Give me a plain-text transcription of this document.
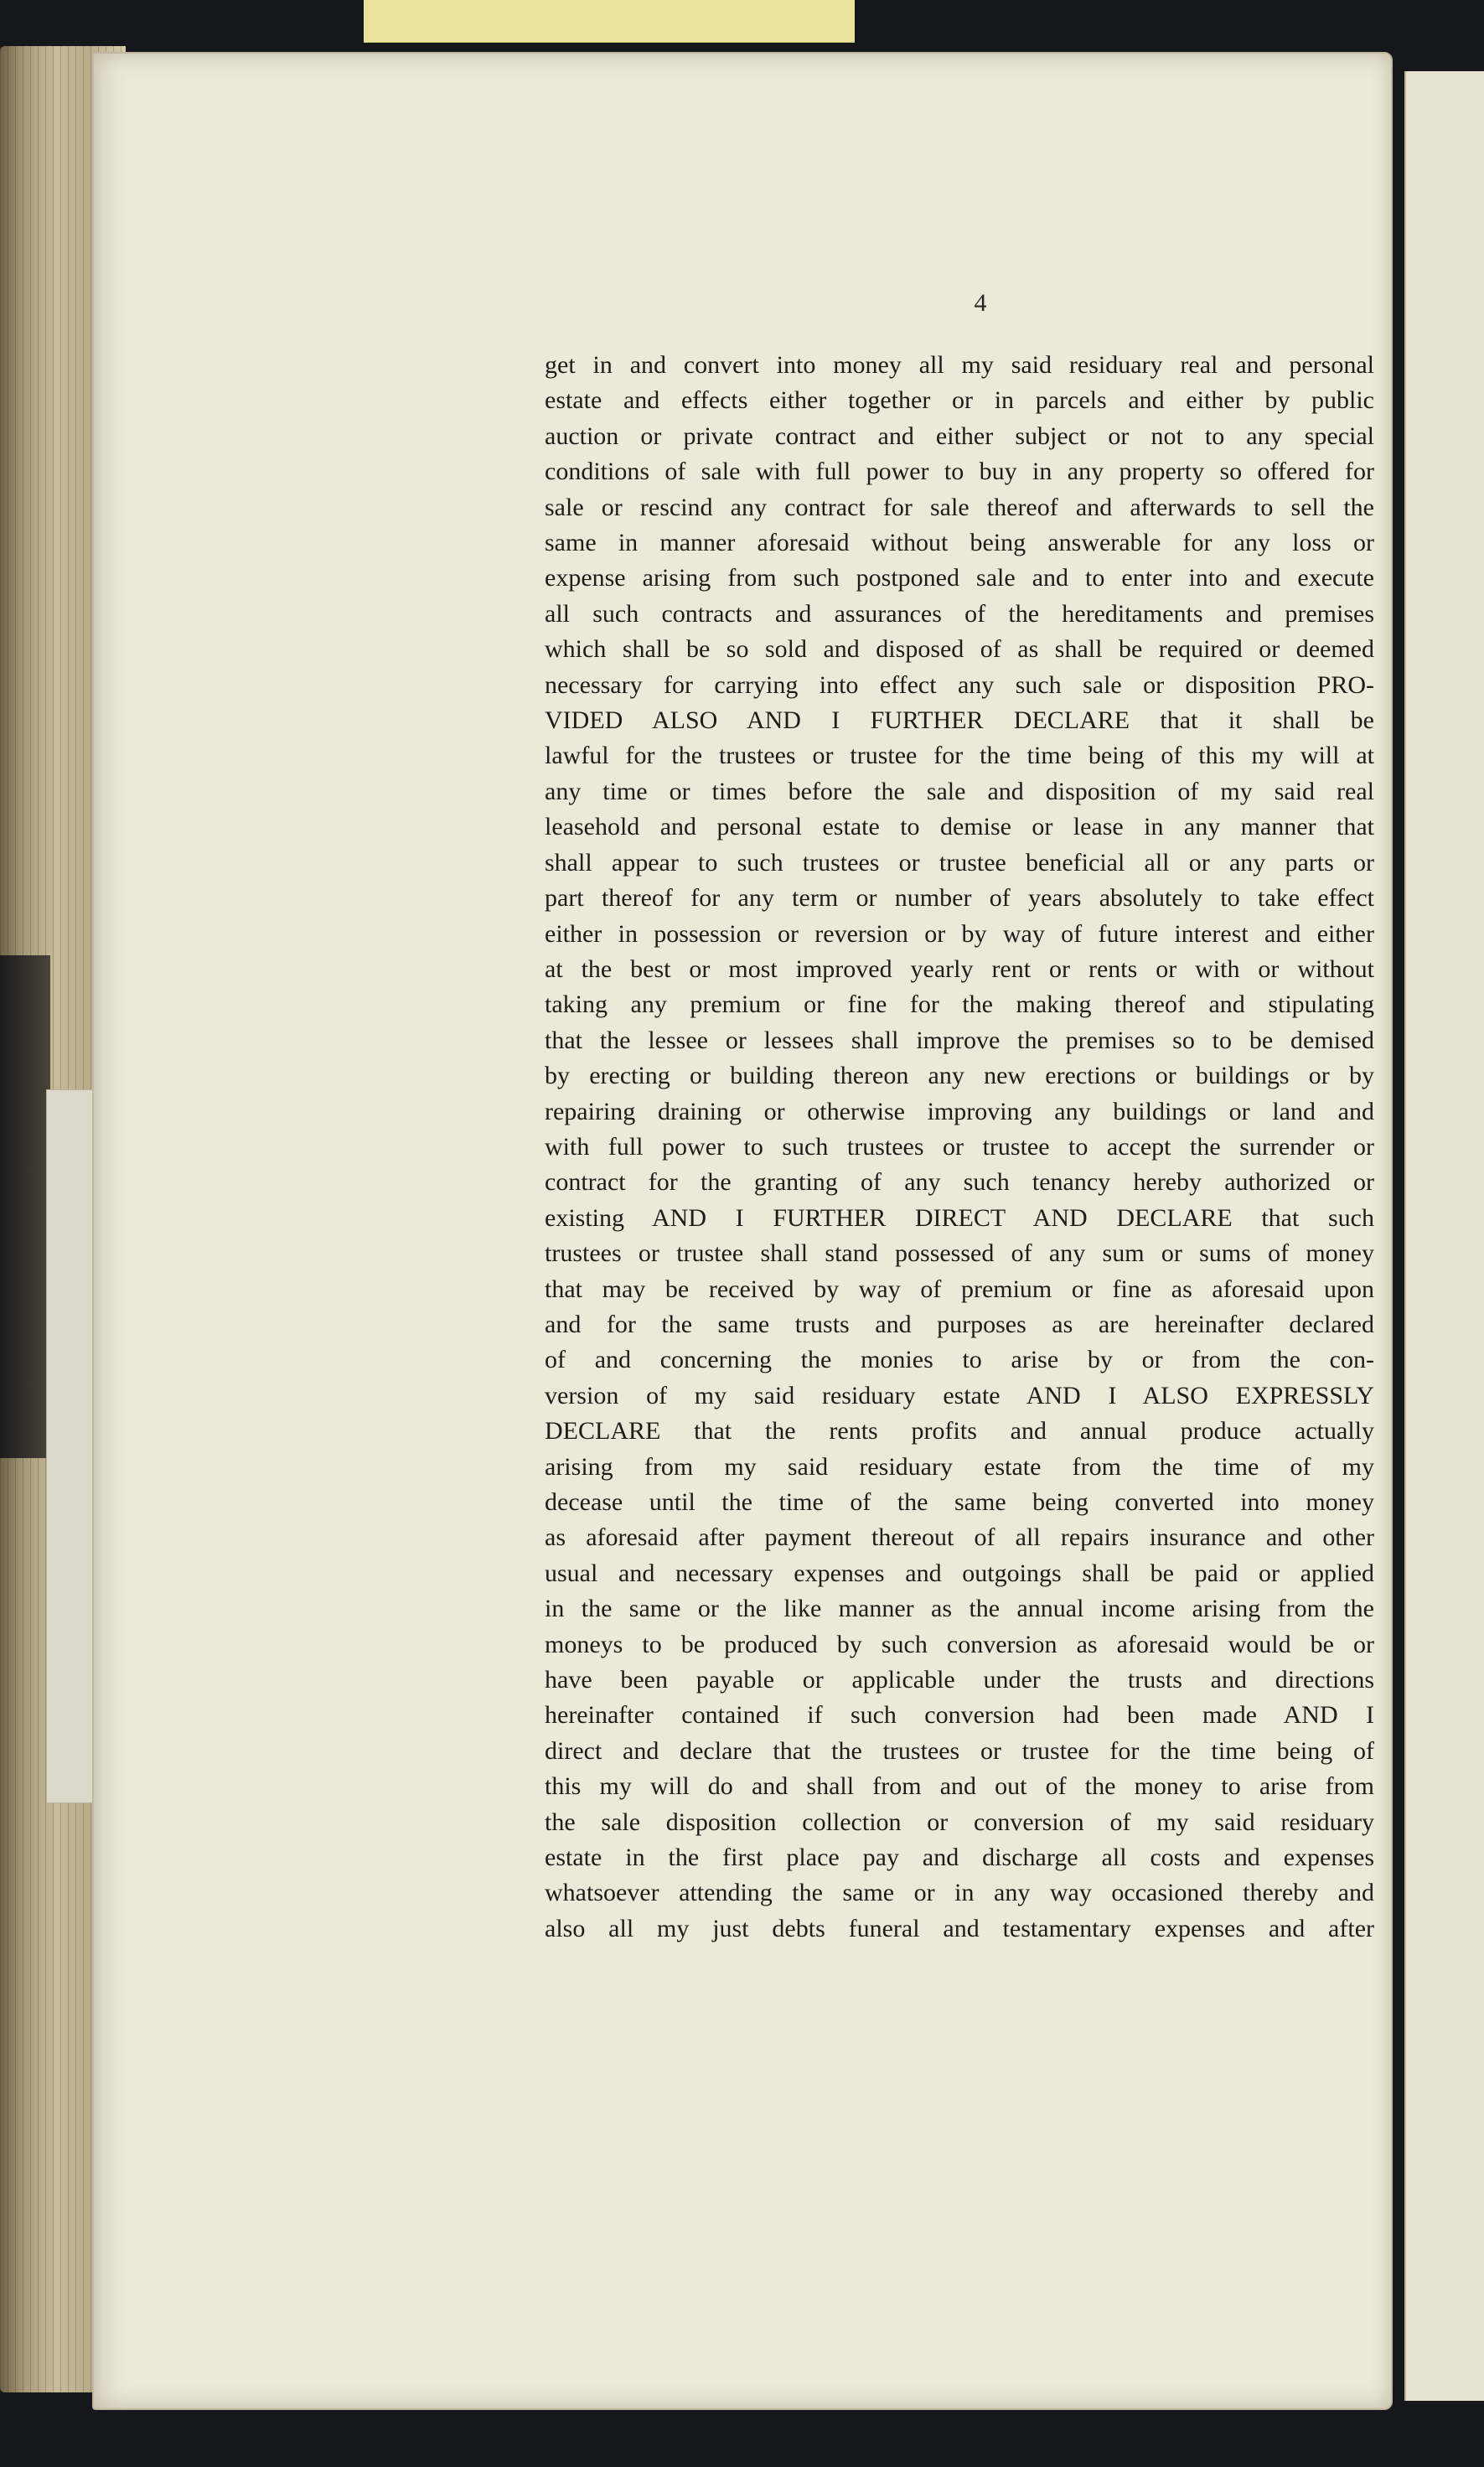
4
get in and convert into money all my said residuary real and personal
estate and effects either together or in parcels and either by public
auction or private contract and either subject or not to any special
conditions of sale with full power to buy in any property so offered for
sale or rescind any contract for sale thereof and afterwards to sell the
same in manner aforesaid without being answerable for any loss or
expense arising from such postponed sale and to enter into and execute
all such contracts and assurances of the hereditaments and premises
which shall be so sold and disposed of as shall be required or deemed
necessary for carrying into effect any such sale or disposition PRO-
VIDED ALSO AND I FURTHER DECLARE that it shall be
lawful for the trustees or trustee for the time being of this my will at
any time or times before the sale and disposition of my said real
leasehold and personal estate to demise or lease in any manner that
shall appear to such trustees or trustee beneficial all or any parts or
part thereof for any term or number of years absolutely to take effect
either in possession or reversion or by way of future interest and either
at the best or most improved yearly rent or rents or with or without
taking any premium or fine for the making thereof and stipulating
that the lessee or lessees shall improve the premises so to be demised
by erecting or building thereon any new erections or buildings or by
repairing draining or otherwise improving any buildings or land and
with full power to such trustees or trustee to accept the surrender or
contract for the granting of any such tenancy hereby authorized or
existing AND I FURTHER DIRECT AND DECLARE that such
trustees or trustee shall stand possessed of any sum or sums of money
that may be received by way of premium or fine as aforesaid upon
and for the same trusts and purposes as are hereinafter declared
of and concerning the monies to arise by or from the con-
version of my said residuary estate AND I ALSO EXPRESSLY
DECLARE that the rents profits and annual produce actually
arising from my said residuary estate from the time of my
decease until the time of the same being converted into money
as aforesaid after payment thereout of all repairs insurance and other
usual and necessary expenses and outgoings shall be paid or applied
in the same or the like manner as the annual income arising from the
moneys to be produced by such conversion as aforesaid would be or
have been payable or applicable under the trusts and directions
hereinafter contained if such conversion had been made AND I
direct and declare that the trustees or trustee for the time being of
this my will do and shall from and out of the money to arise from
the sale disposition collection or conversion of my said residuary
estate in the first place pay and discharge all costs and expenses
whatsoever attending the same or in any way occasioned thereby and
also all my just debts funeral and testamentary expenses and after
